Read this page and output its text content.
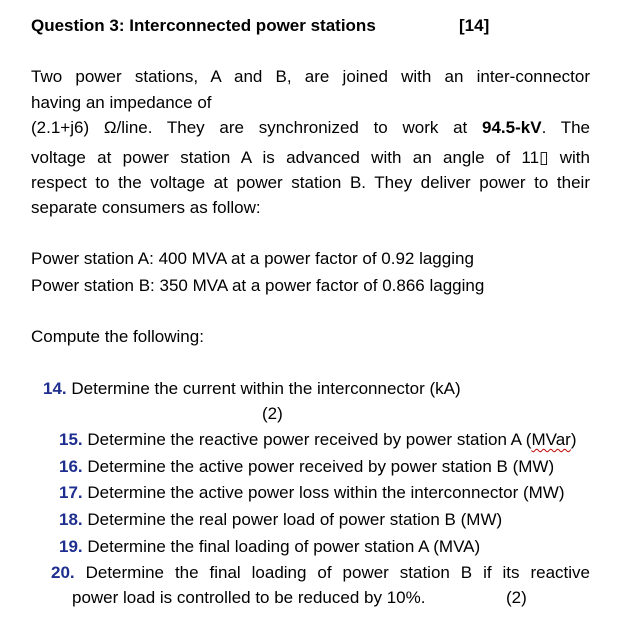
Question 3: Interconnected power stations	[14]
Two power stations, A and B, are joined with an inter-connector
having an impedance of
(2.1+j6) Ω/line. They are synchronized to work at 94.5-kV. The
voltage at power station A is advanced with an angle of 11▯ with
respect to the voltage at power station B. They deliver power to their
separate consumers as follow:
Power station A: 400 MVA at a power factor of 0.92 lagging
Power station B: 350 MVA at a power factor of 0.866 lagging
Compute the following:
14. Determine the current within the interconnector (kA)
(2)
15. Determine the reactive power received by power station A (MVar)
16. Determine the active power received by power station B (MW)
17. Determine the active power loss within the interconnector (MW)
18. Determine the real power load of power station B (MW)
19. Determine the final loading of power station A (MVA)
20. Determine the final loading of power station B if its reactive
power load is controlled to be reduced by 10%.	(2)
